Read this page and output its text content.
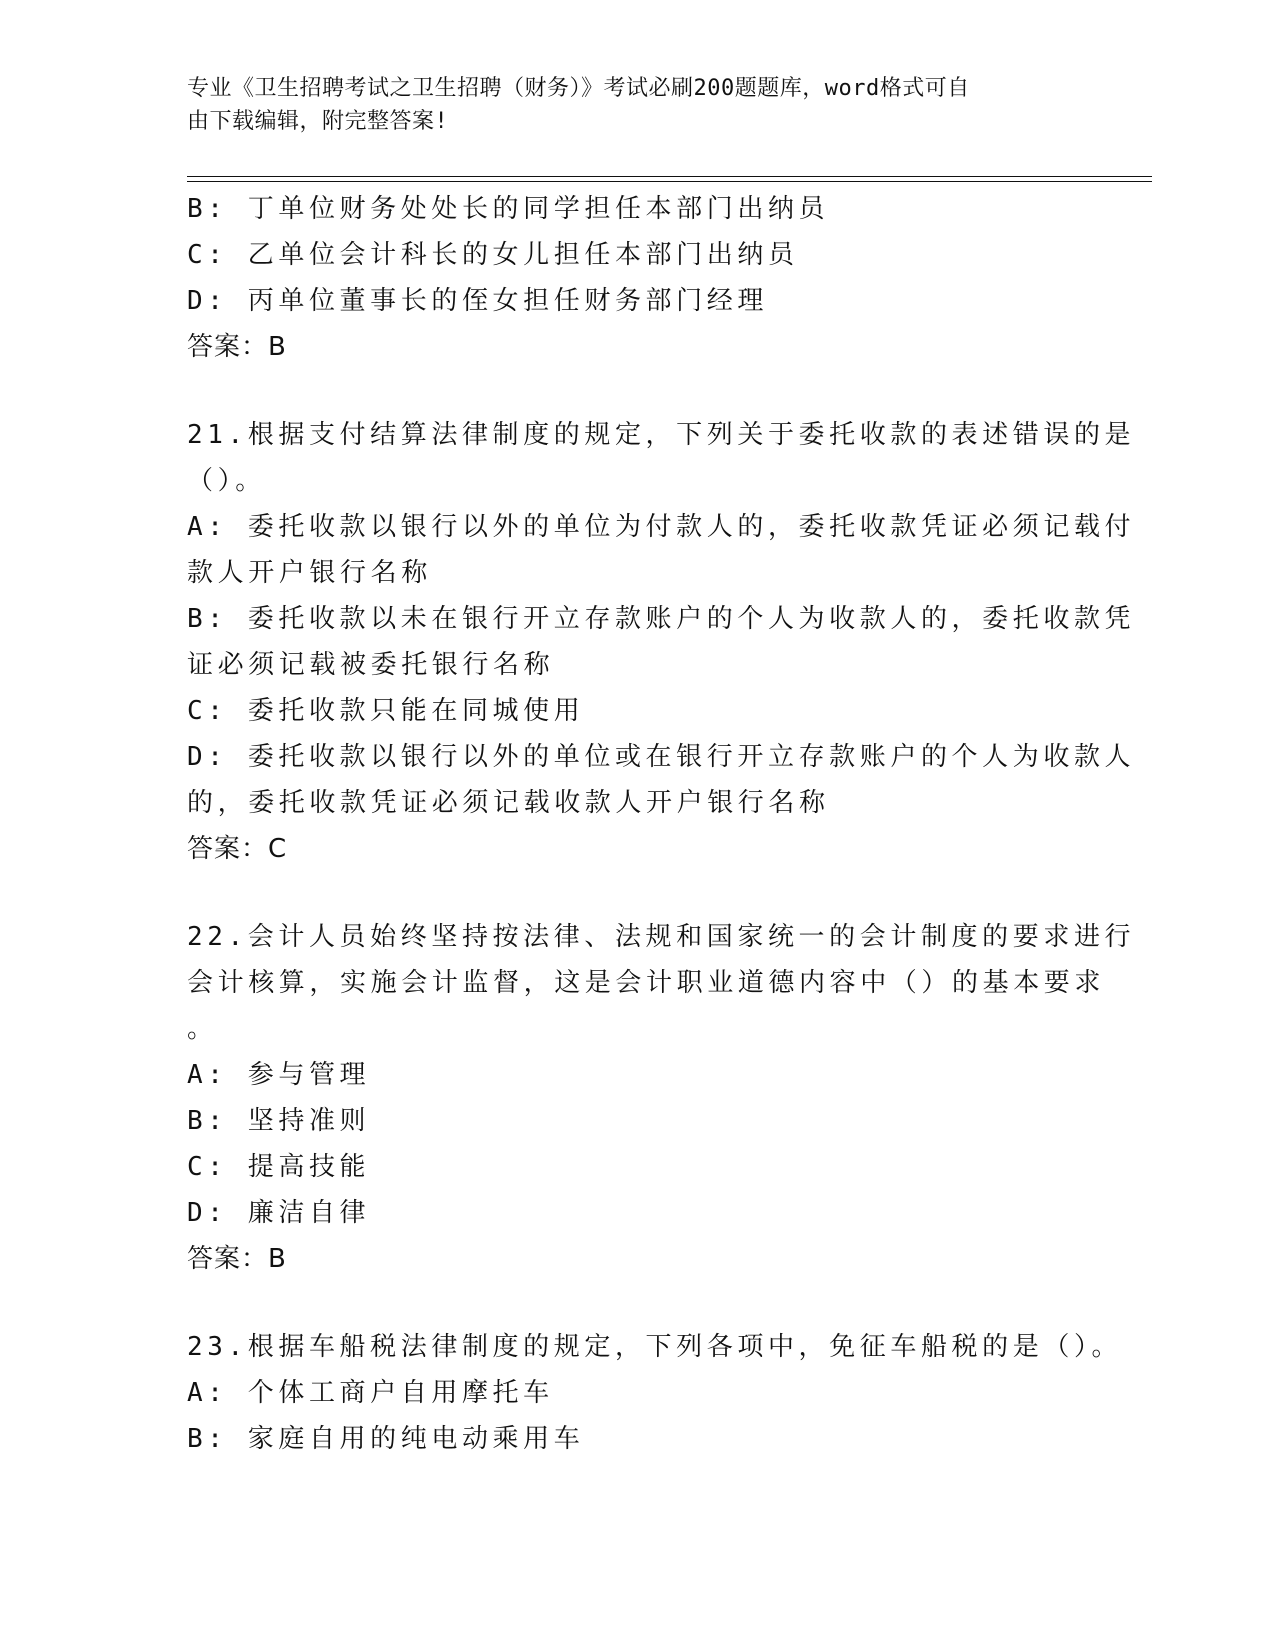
专业《卫生招聘考试之卫生招聘（财务）》考试必刷200题题库，word格式可自
由下载编辑，附完整答案!
B: 丁单位财务处处长的同学担任本部门出纳员
C: 乙单位会计科长的女儿担任本部门出纳员
D: 丙单位董事长的侄女担任财务部门经理
答案：B
21.根据支付结算法律制度的规定，下列关于委托收款的表述错误的是
（）。
A: 委托收款以银行以外的单位为付款人的，委托收款凭证必须记载付
款人开户银行名称
B: 委托收款以未在银行开立存款账户的个人为收款人的，委托收款凭
证必须记载被委托银行名称
C: 委托收款只能在同城使用
D: 委托收款以银行以外的单位或在银行开立存款账户的个人为收款人
的，委托收款凭证必须记载收款人开户银行名称
答案：C
22.会计人员始终坚持按法律、法规和国家统一的会计制度的要求进行
会计核算，实施会计监督，这是会计职业道德内容中（）的基本要求
。
A: 参与管理
B: 坚持准则
C: 提高技能
D: 廉洁自律
答案：B
23.根据车船税法律制度的规定，下列各项中，免征车船税的是（）。
A: 个体工商户自用摩托车
B: 家庭自用的纯电动乘用车
